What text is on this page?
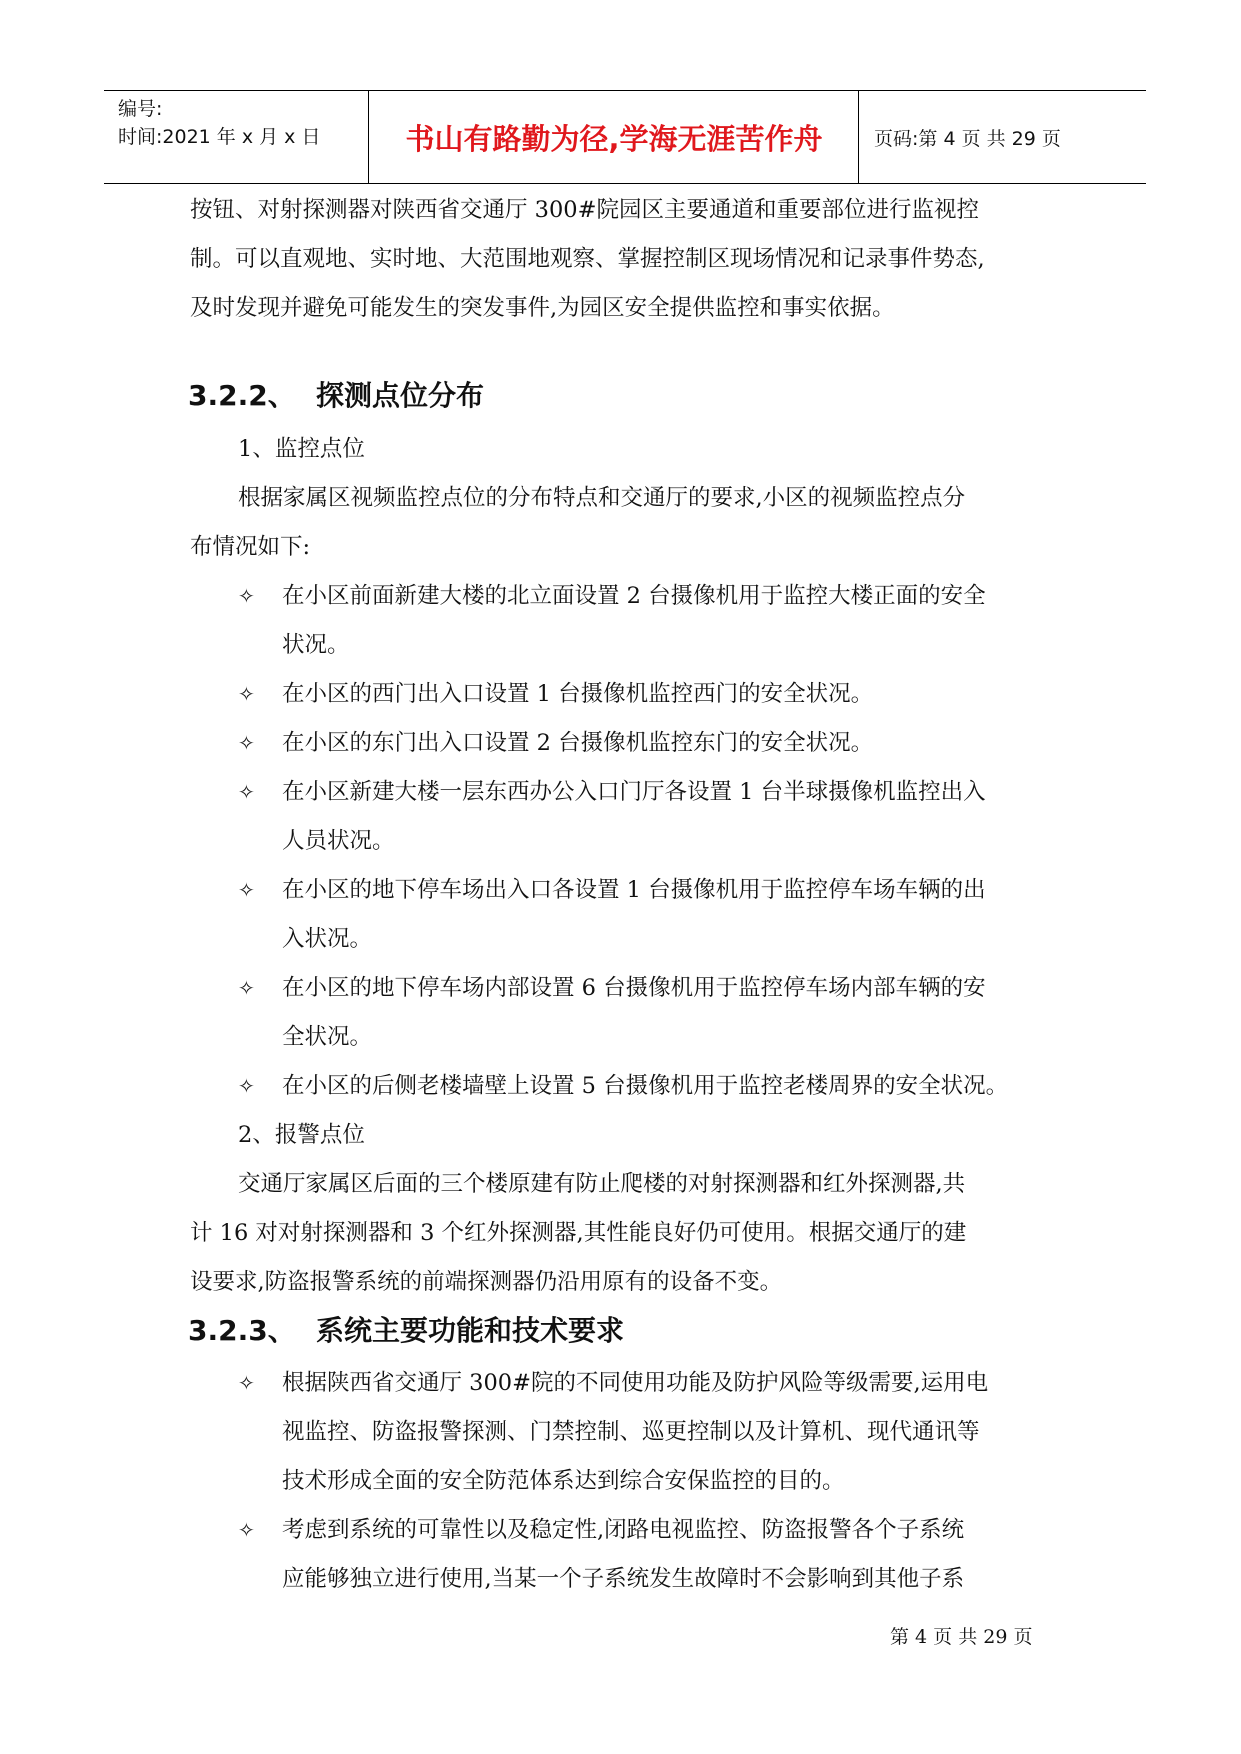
编号:
时间:2021 年 x 月 x 日	书山有路勤为径,学海无涯苦作舟	页码:第 4 页 共 29 页
按钮、对射探测器对陕西省交通厅 300#院园区主要通道和重要部位进行监视控
制。可以直观地、实时地、大范围地观察、掌握控制区现场情况和记录事件势态,
及时发现并避免可能发生的突发事件,为园区安全提供监控和事实依据。
3.2.2、 探测点位分布
1、监控点位
根据家属区视频监控点位的分布特点和交通厅的要求,小区的视频监控点分
布情况如下:
✧	在小区前面新建大楼的北立面设置 2 台摄像机用于监控大楼正面的安全
状况。
✧	在小区的西门出入口设置 1 台摄像机监控西门的安全状况。
✧	在小区的东门出入口设置 2 台摄像机监控东门的安全状况。
✧	在小区新建大楼一层东西办公入口门厅各设置 1 台半球摄像机监控出入
人员状况。
✧	在小区的地下停车场出入口各设置 1 台摄像机用于监控停车场车辆的出
入状况。
✧	在小区的地下停车场内部设置 6 台摄像机用于监控停车场内部车辆的安
全状况。
✧	在小区的后侧老楼墙壁上设置 5 台摄像机用于监控老楼周界的安全状况。
2、报警点位
交通厅家属区后面的三个楼原建有防止爬楼的对射探测器和红外探测器,共
计 16 对对射探测器和 3 个红外探测器,其性能良好仍可使用。根据交通厅的建
设要求,防盗报警系统的前端探测器仍沿用原有的设备不变。
3.2.3、 系统主要功能和技术要求
✧	根据陕西省交通厅 300#院的不同使用功能及防护风险等级需要,运用电
视监控、防盗报警探测、门禁控制、巡更控制以及计算机、现代通讯等
技术形成全面的安全防范体系达到综合安保监控的目的。
✧	考虑到系统的可靠性以及稳定性,闭路电视监控、防盗报警各个子系统
应能够独立进行使用,当某一个子系统发生故障时不会影响到其他子系
第 4 页 共 29 页
